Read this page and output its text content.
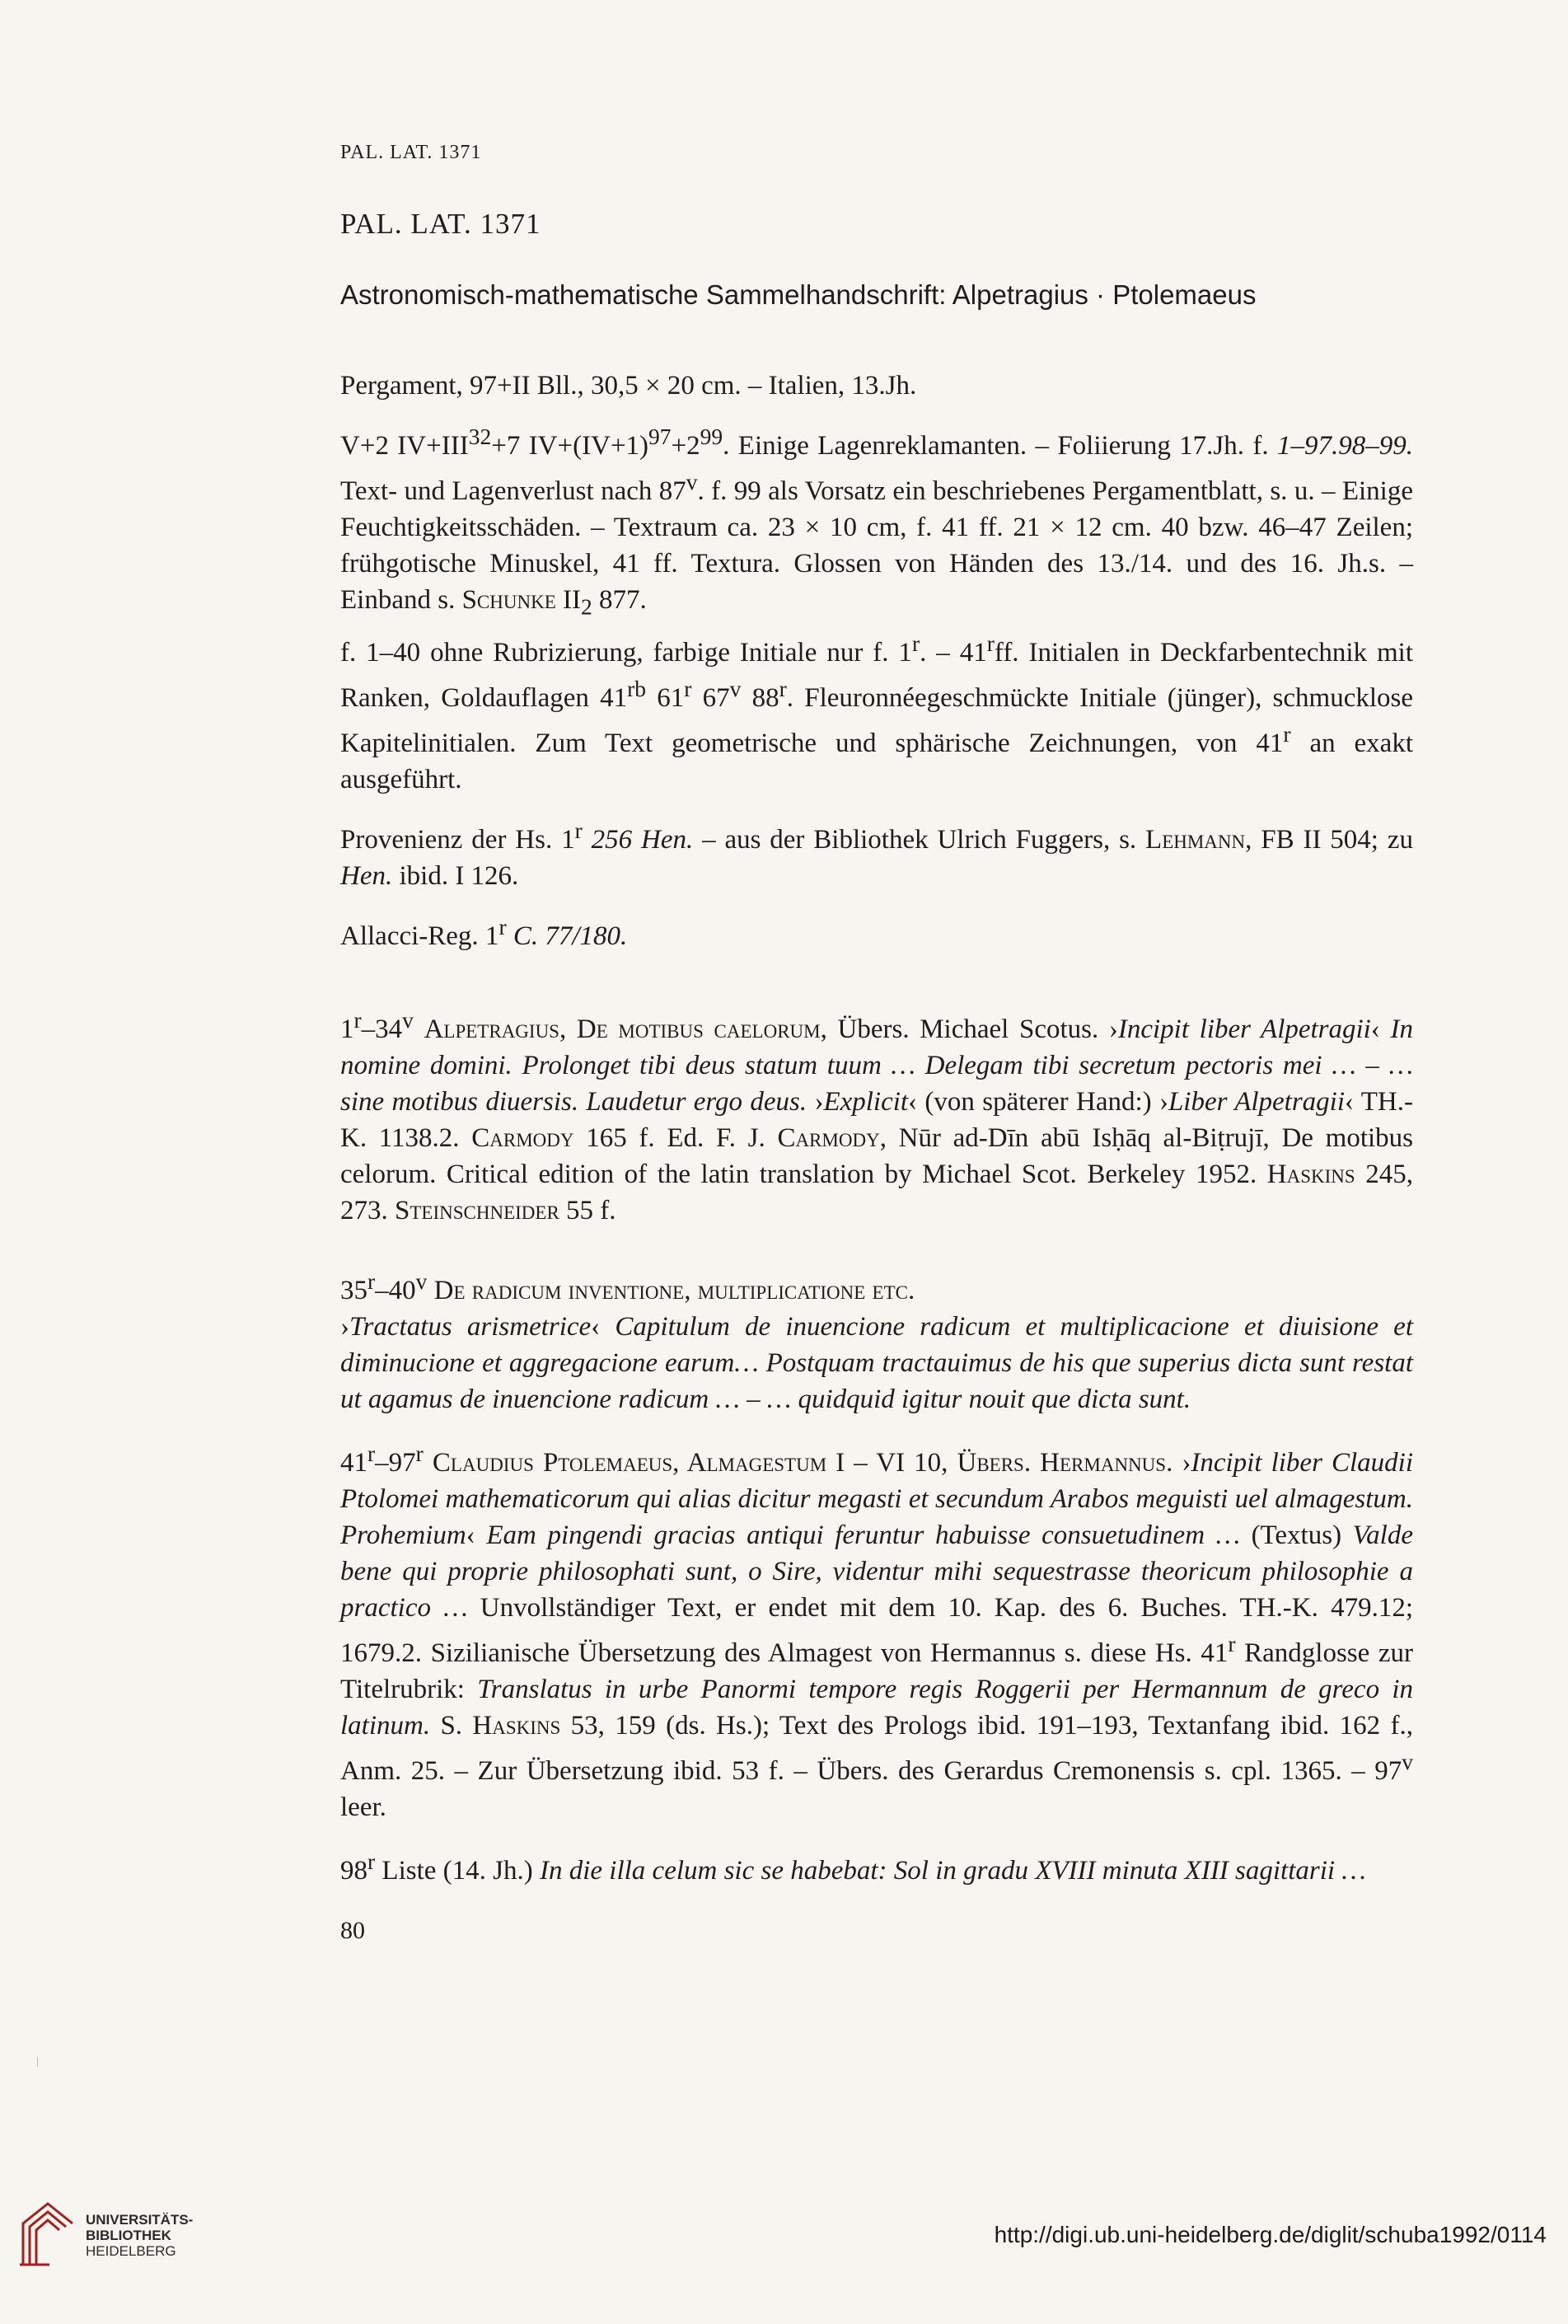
PAL. LAT. 1371

PAL. LAT. 1371

Astronomisch-mathematische Sammelhandschrift: Alpetragius · Ptolemaeus

Pergament, 97+II Bll., 30,5 × 20 cm. – Italien, 13.Jh.

V+2 $IV+III^{32}+7$ $IV+(IV+1)^{97}+2^{99}$. Einige Lagenreklamanten. – Foliierung 17.Jh. f. 1–97.98–99. Text- und Lagenverlust nach 87$^v$. f. 99 als Vorsatz ein beschriebenes Pergamentblatt, s. u. – Einige Feuchtigkeitsschäden. – Textraum ca. 23 × 10 cm, f. 41 ff. 21 × 12 cm. 40 bzw. 46–47 Zeilen; frühgotische Minuskel, 41 ff. Textura. Glossen von Händen des 13./14. und des 16. Jh.s. – Einband s. Schunke $II_2$ 877.

f. 1–40 ohne Rubrizierung, farbige Initiale nur f. 1$^r$. – 41$^r$ff. Initialen in Deckfarbentechnik mit Ranken, Goldauflagen $41^{rb}$ 61$^r$ 67$^v$ 88$^r$. Fleuronnéegeschmückte Initiale (jünger), schmucklose Kapitelinitialen. Zum Text geometrische und sphärische Zeichnungen, von 41$^r$ an exakt ausgeführt.

Provenienz der Hs. 1$^r$ 256 Hen. – aus der Bibliothek Ulrich Fuggers, s. Lehmann, FB II 504; zu Hen. ibid. I 126.

Allacci-Reg. 1$^r$ C. 77/180.

1$^r$–34$^v$ Alpetragius, De motibus caelorum, Übers. Michael Scotus. ›Incipit liber Alpetragii‹ In nomine domini. Prolonget tibi deus statum tuum … Delegam tibi secretum pectoris mei … – … sine motibus diuersis. Laudetur ergo deus. ›Explicit‹ (von späterer Hand:) ›Liber Alpetragii‹ TH.-K. 1138.2. Carmody 165 f. Ed. F. J. Carmody, Nūr ad-Dīn abū Isḥāq al-Biṭrujī, De motibus celorum. Critical edition of the latin translation by Michael Scot. Berkeley 1952. Haskins 245, 273. Steinschneider 55 f.

35$^r$–40$^v$ De radicum inventione, multiplicatione etc.
›Tractatus arismetrice‹ Capitulum de inuencione radicum et multiplicacione et diuisione et diminucione et aggregacione earum… Postquam tractauimus de his que superius dicta sunt restat ut agamus de inuencione radicum … – … quidquid igitur nouit que dicta sunt.

41$^r$–97$^r$ Claudius Ptolemaeus, Almagestum I – VI 10, Übers. Hermannus. ›Incipit liber Claudii Ptolomei mathematicorum qui alias dicitur megasti et secundum Arabos meguisti uel almagestum. Prohemium‹ Eam pingendi gracias antiqui feruntur habuisse consuetudinem … (Textus) Valde bene qui proprie philosophati sunt, o Sire, videntur mihi sequestrasse theoricum philosophie a practico … Unvollständiger Text, er endet mit dem 10. Kap. des 6. Buches. TH.-K. 479.12; 1679.2. Sizilianische Übersetzung des Almagest von Hermannus s. diese Hs. 41$^r$ Randglosse zur Titelrubrik: Translatus in urbe Panormi tempore regis Roggerii per Hermannum de greco in latinum. S. Haskins 53, 159 (ds. Hs.); Text des Prologs ibid. 191–193, Textanfang ibid. 162 f., Anm. 25. – Zur Übersetzung ibid. 53 f. – Übers. des Gerardus Cremonensis s. cpl. 1365. – 97$^v$ leer.

98$^r$ Liste (14. Jh.) In die illa celum sic se habebat: Sol in gradu XVIII minuta XIII sagittarii …

80
UNIVERSITÄTS-
BIBLIOTHEK
HEIDELBERG
http://digi.ub.uni-heidelberg.de/diglit/schuba1992/0114
